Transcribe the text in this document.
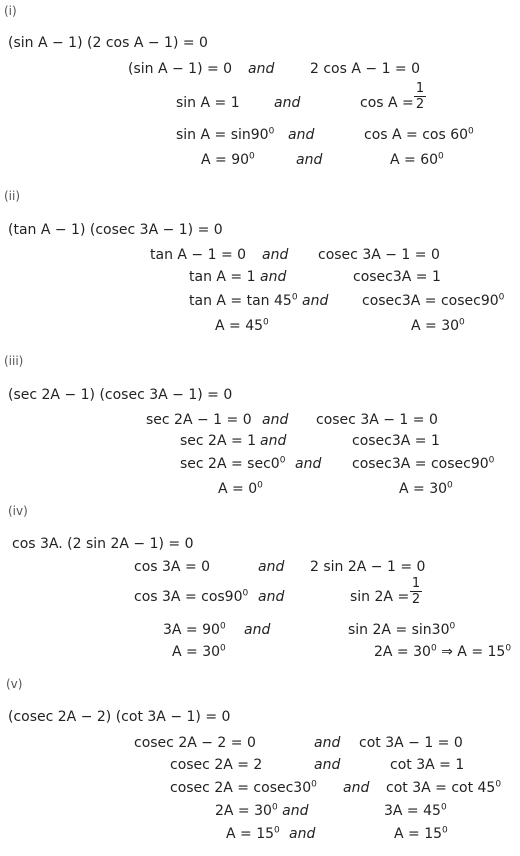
(i)
(sin A − 1) (2 cos A − 1) = 0
(sin A − 1) = 0 and	2 cos A − 1 = 0
sin A = 1 and	cos A =
1
2
$\sin A = \sin 90^0$ and	$\cos A = \cos 60^0$
$A = 90^0$	and	$A = 60^0$
(ii)
(tan A − 1) (cosec 3A − 1) = 0
tan A − 1 = 0 and cosec 3A − 1 = 0
tan A = 1 and	cosec3A = 1
$\tan A = \tan 45^0$ and $cosec3A = cosec90^0$
$A = 45^0$	$A = 30^0$
(iii)
(sec 2A − 1) (cosec 3A − 1) = 0
sec 2A − 1 = 0 and cosec 3A − 1 = 0
sec 2A = 1 and	cosec3A = 1
$\sec 2A = \sec 0^0$ and $cosec3A = cosec90^0$
$A = 0^0$	$A = 30^0$
(iv)
cos 3A. (2 sin 2A − 1) = 0
cos 3A = 0	and 2 sin 2A − 1 = 0
$\cos 3A = \cos 90^0$ and	sin 2A =
1
2
$3A = 90^0$ and	$\sin 2A = \sin 30^0$
$A = 30^0$	$2A = 30^0$ ⇒ $A = 15^0$
(v)
(cosec 2A − 2) (cot 3A − 1) = 0
cosec 2A − 2 = 0	and cot 3A − 1 = 0
cosec 2A = 2	and	cot 3A = 1
cosec $2A = cosec30^0$ and $\cot 3A = \cot 45^0$
$2A = 30^0$ and	$3A = 45^0$
$A = 15^0$ and	$A = 15^0$
